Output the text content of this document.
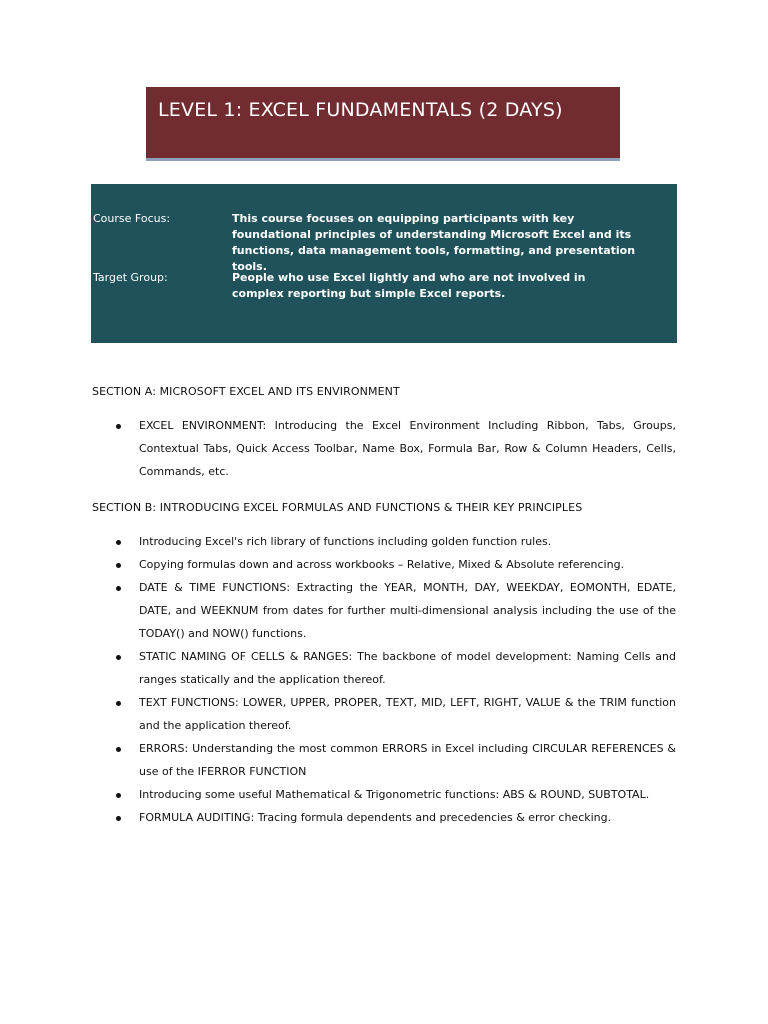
LEVEL 1: EXCEL FUNDAMENTALS (2 DAYS)
Course Focus:	This course focuses on equipping participants with key foundational principles of understanding Microsoft Excel and its functions, data management tools, formatting, and presentation tools.
Target Group:	People who use Excel lightly and who are not involved in complex reporting but simple Excel reports.
SECTION A: MICROSOFT EXCEL AND ITS ENVIRONMENT
EXCEL ENVIRONMENT: Introducing the Excel Environment Including Ribbon, Tabs, Groups, Contextual Tabs, Quick Access Toolbar, Name Box, Formula Bar, Row & Column Headers, Cells, Commands, etc.
SECTION B: INTRODUCING EXCEL FORMULAS AND FUNCTIONS & THEIR KEY PRINCIPLES
Introducing Excel's rich library of functions including golden function rules.
Copying formulas down and across workbooks – Relative, Mixed & Absolute referencing.
DATE & TIME FUNCTIONS: Extracting the YEAR, MONTH, DAY, WEEKDAY, EOMONTH, EDATE, DATE, and WEEKNUM from dates for further multi-dimensional analysis including the use of the TODAY() and NOW() functions.
STATIC NAMING OF CELLS & RANGES: The backbone of model development: Naming Cells and ranges statically and the application thereof.
TEXT FUNCTIONS: LOWER, UPPER, PROPER, TEXT, MID, LEFT, RIGHT, VALUE & the TRIM function and the application thereof.
ERRORS: Understanding the most common ERRORS in Excel including CIRCULAR REFERENCES & use of the IFERROR FUNCTION
Introducing some useful Mathematical & Trigonometric functions: ABS & ROUND, SUBTOTAL.
FORMULA AUDITING: Tracing formula dependents and precedencies & error checking.
